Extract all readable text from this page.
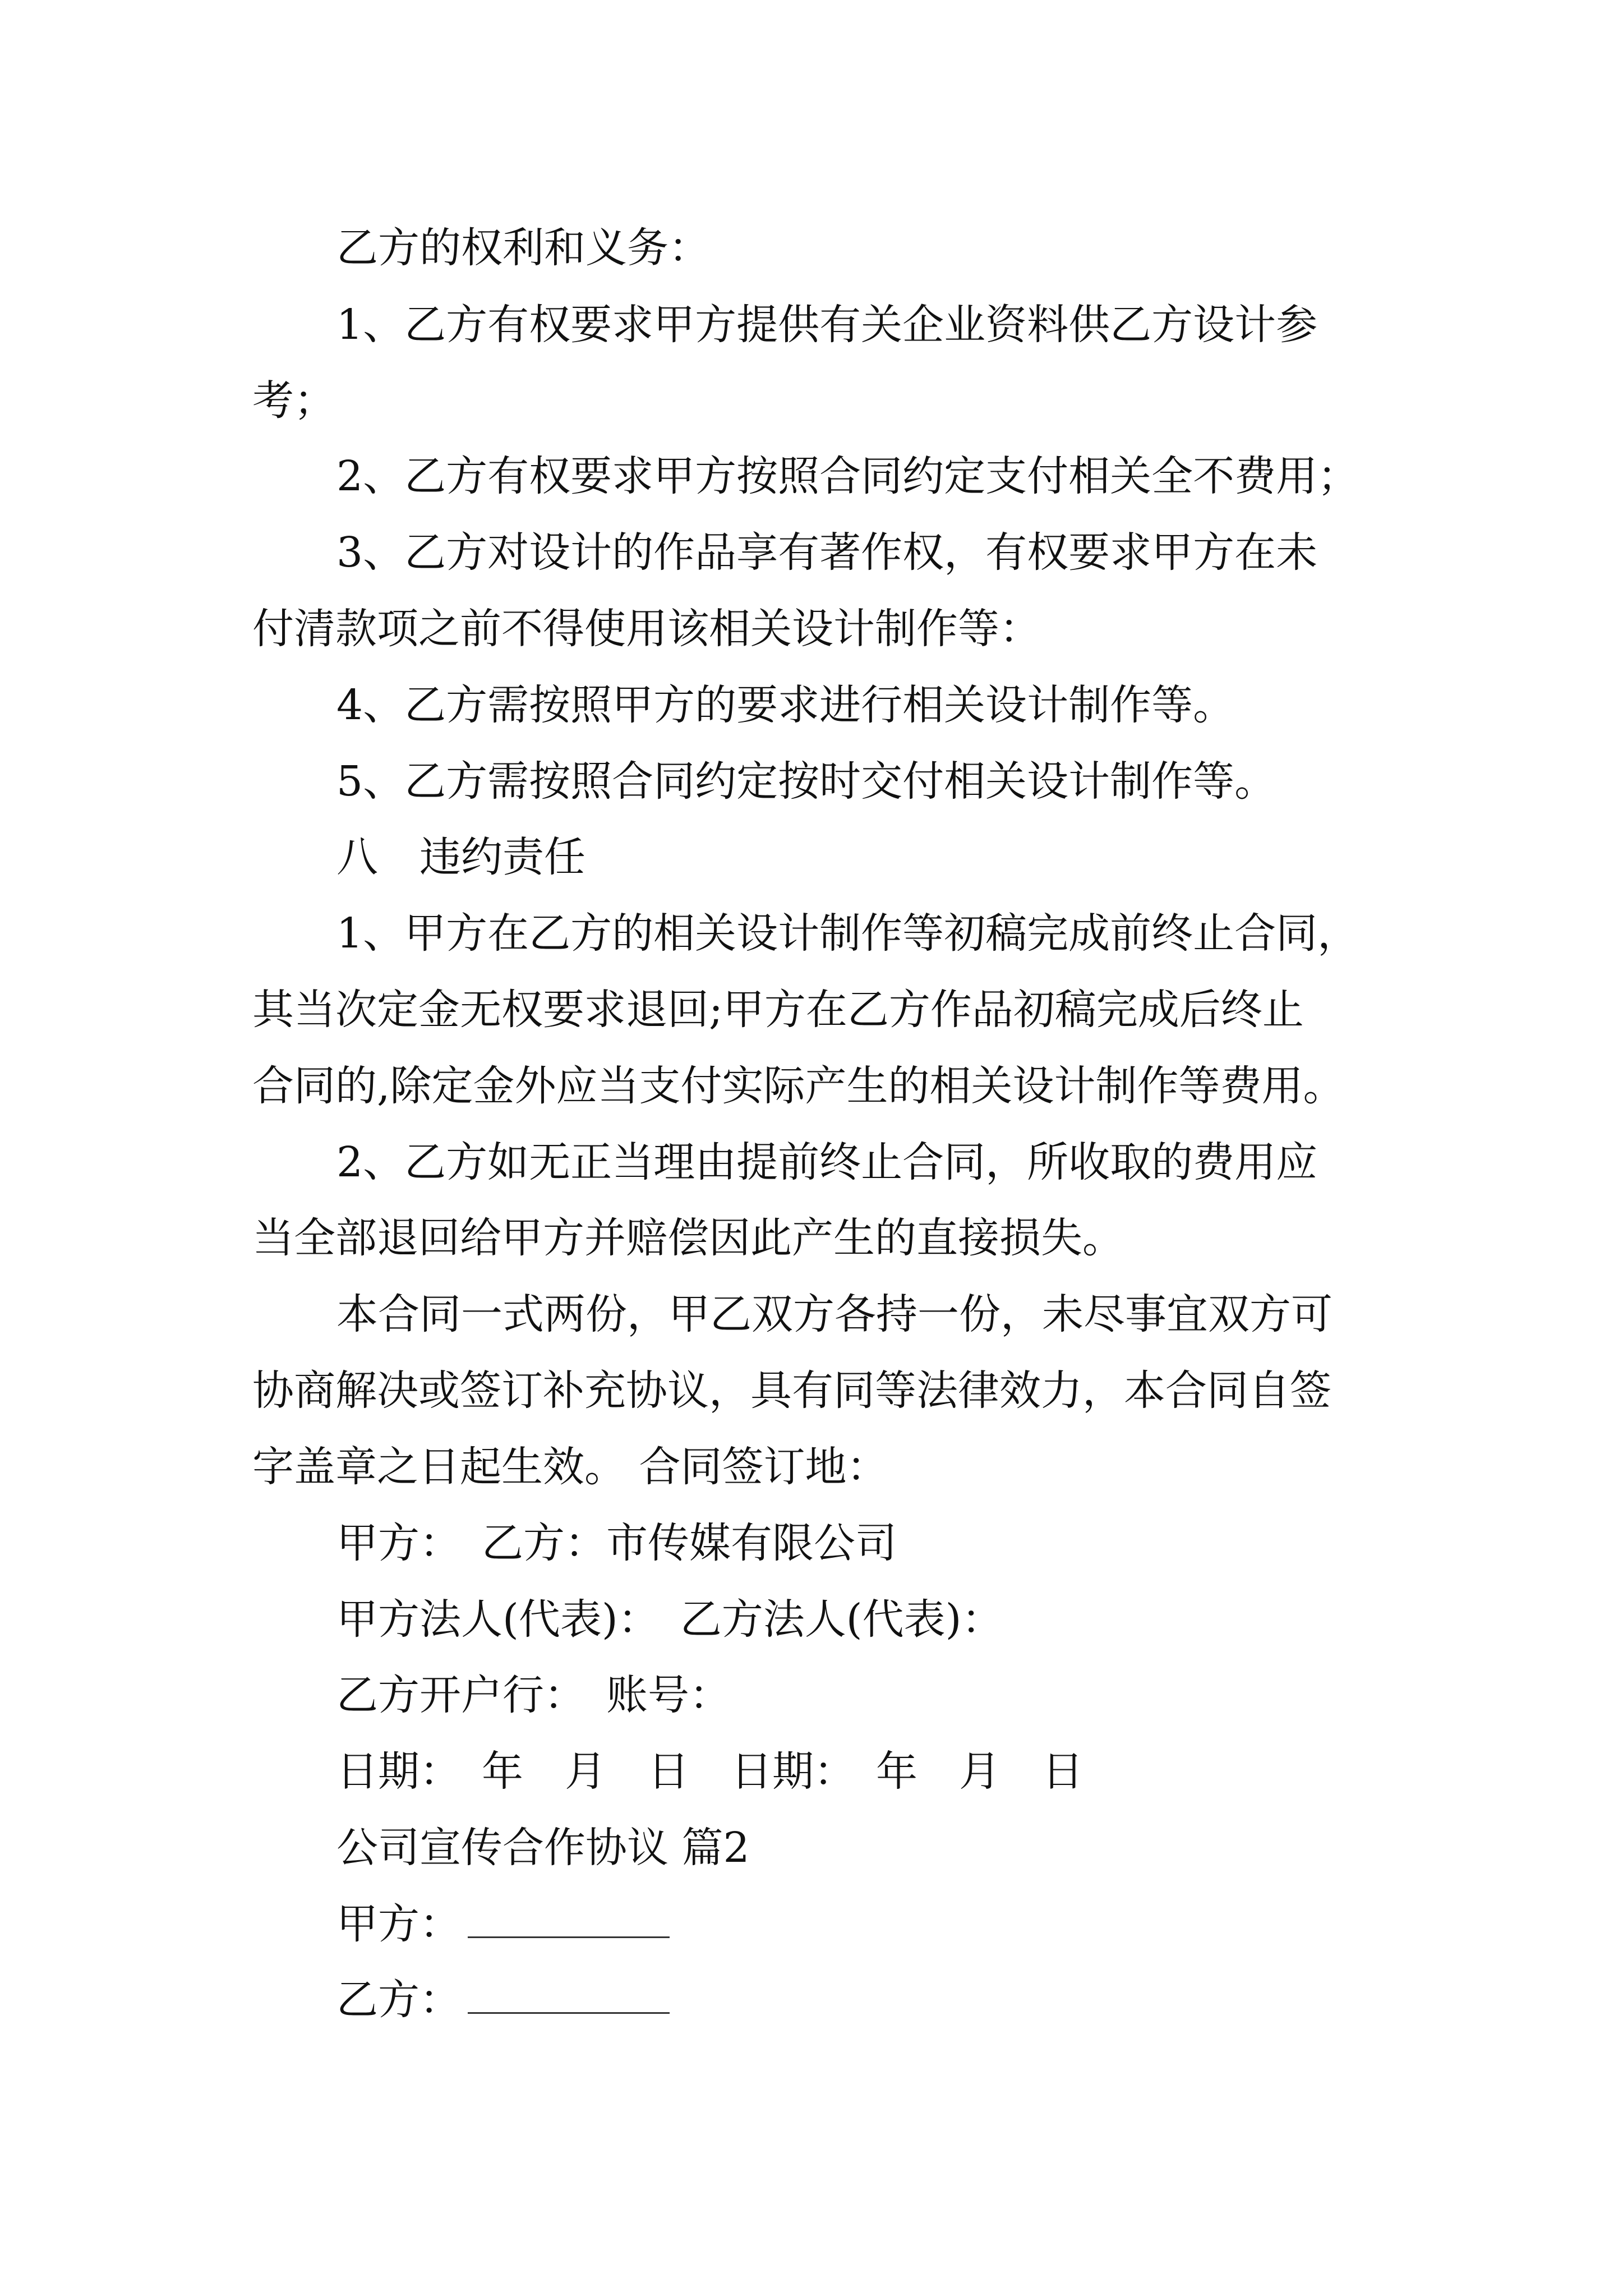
乙方的权利和义务：
1、乙方有权要求甲方提供有关企业资料供乙方设计参
考；
2、乙方有权要求甲方按照合同约定支付相关全不费用；
3、乙方对设计的作品享有著作权，有权要求甲方在未
付清款项之前不得使用该相关设计制作等：
4、乙方需按照甲方的要求进行相关设计制作等。
5、乙方需按照合同约定按时交付相关设计制作等。
八　违约责任
1、甲方在乙方的相关设计制作等初稿完成前终止合同，
其当次定金无权要求退回;甲方在乙方作品初稿完成后终止
合同的,除定金外应当支付实际产生的相关设计制作等费用。
2、乙方如无正当理由提前终止合同，所收取的费用应
当全部退回给甲方并赔偿因此产生的直接损失。
本合同一式两份，甲乙双方各持一份，未尽事宜双方可
协商解决或签订补充协议，具有同等法律效力，本合同自签
字盖章之日起生效。 合同签订地：
甲方：　乙方：市传媒有限公司
甲方法人(代表)：　乙方法人(代表)：
乙方开户行：　账号：
日期：　年　月　日　日期：　年　月　日
公司宣传合作协议 篇2
甲方：
乙方：
